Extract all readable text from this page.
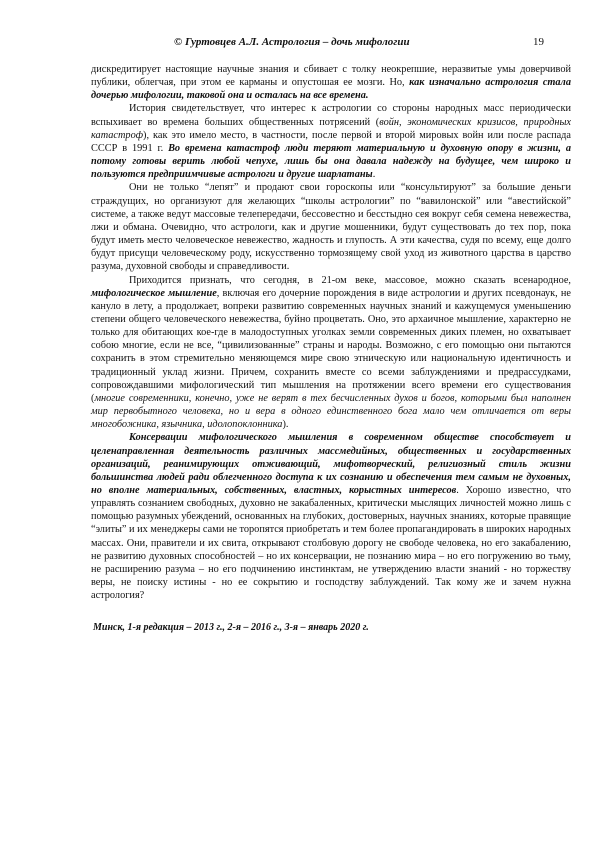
© Гуртовцев А.Л. Астрология – дочь мифологии	19

дискредитирует настоящие научные знания и сбивает с толку неокрепшие, неразвитые умы доверчивой публики, облегчая, при этом ее карманы и опустошая ее мозги. Но, как изначально астрология стала дочерью мифологии, таковой она и осталась на все времена.

История свидетельствует, что интерес к астрологии со стороны народных масс периодически вспыхивает во времена больших общественных потрясений (войн, экономических кризисов, природных катастроф), как это имело место, в частности, после первой и второй мировых войн или после распада СССР в 1991 г. Во времена катастроф люди теряют материальную и духовную опору в жизни, а потому готовы верить любой чепухе, лишь бы она давала надежду на будущее, чем широко и пользуются предприимчивые астрологи и другие шарлатаны.

Они не только “лепят” и продают свои гороскопы или “консультируют” за большие деньги страждущих, но организуют для желающих “школы астрологии” по “вавилонской” или “авестийской” системе, а также ведут массовые телепередачи, бессовестно и бесстыдно сея вокруг себя семена невежества, лжи и обмана. Очевидно, что астрологи, как и другие мошенники, будут существовать до тех пор, пока будут иметь место человеческое невежество, жадность и глупость. А эти качества, судя по всему, еще долго будут присущи человеческому роду, искусственно тормозящему свой уход из животного царства в царство разума, духовной свободы и справедливости.

Приходится признать, что сегодня, в 21-ом веке, массовое, можно сказать всенародное, мифологическое мышление, включая его дочерние порождения в виде астрологии и других псевдонаук, не кануло в лету, а продолжает, вопреки развитию современных научных знаний и кажущемуся уменьшению степени общего человеческого невежества, буйно процветать. Оно, это архаичное мышление, характерно не только для обитающих кое-где в малодоступных уголках земли современных диких племен, но охватывает собою многие, если не все, “цивилизованные” страны и народы. Возможно, с его помощью они пытаются сохранить в этом стремительно меняющемся мире свою этническую или национальную идентичность и традиционный уклад жизни. Причем, сохранить вместе со всеми заблуждениями и предрассудками, сопровождавшими мифологический тип мышления на протяжении всего времени его существования (многие современники, конечно, уже не верят в тех бесчисленных духов и богов, которыми был наполнен мир первобытного человека, но и вера в одного единственного бога мало чем отличается от веры многобожника, язычника, идолопоклонника).

Консервации мифологического мышления в современном обществе способствует и целенаправленная деятельность различных массмедийных, общественных и государственных организаций, реанимирующих отживающий, мифотворческий, религиозный стиль жизни большинства людей ради облегченного доступа к их сознанию и обеспечения тем самым не духовных, но вполне материальных, собственных, властных, корыстных интересов. Хорошо известно, что управлять сознанием свободных, духовно не закабаленных, критически мыслящих личностей можно лишь с помощью разумных убеждений, основанных на глубоких, достоверных, научных знаниях, которые правящие “элиты” и их менеджеры сами не торопятся приобретать и тем более пропагандировать в широких народных массах. Они, правители и их свита, открывают столбовую дорогу не свободе человека, но его закабалению, не развитию духовных способностей – но их консервации, не познанию мира – но его погружению во тьму, не расширению разума – но его подчинению инстинктам, не утверждению власти знаний - но торжеству веры, не поиску истины - но ее сокрытию и господству заблуждений. Так кому же и зачем нужна астрология?

Минск, 1-я редакция – 2013 г., 2-я – 2016 г., 3-я – январь 2020 г.
